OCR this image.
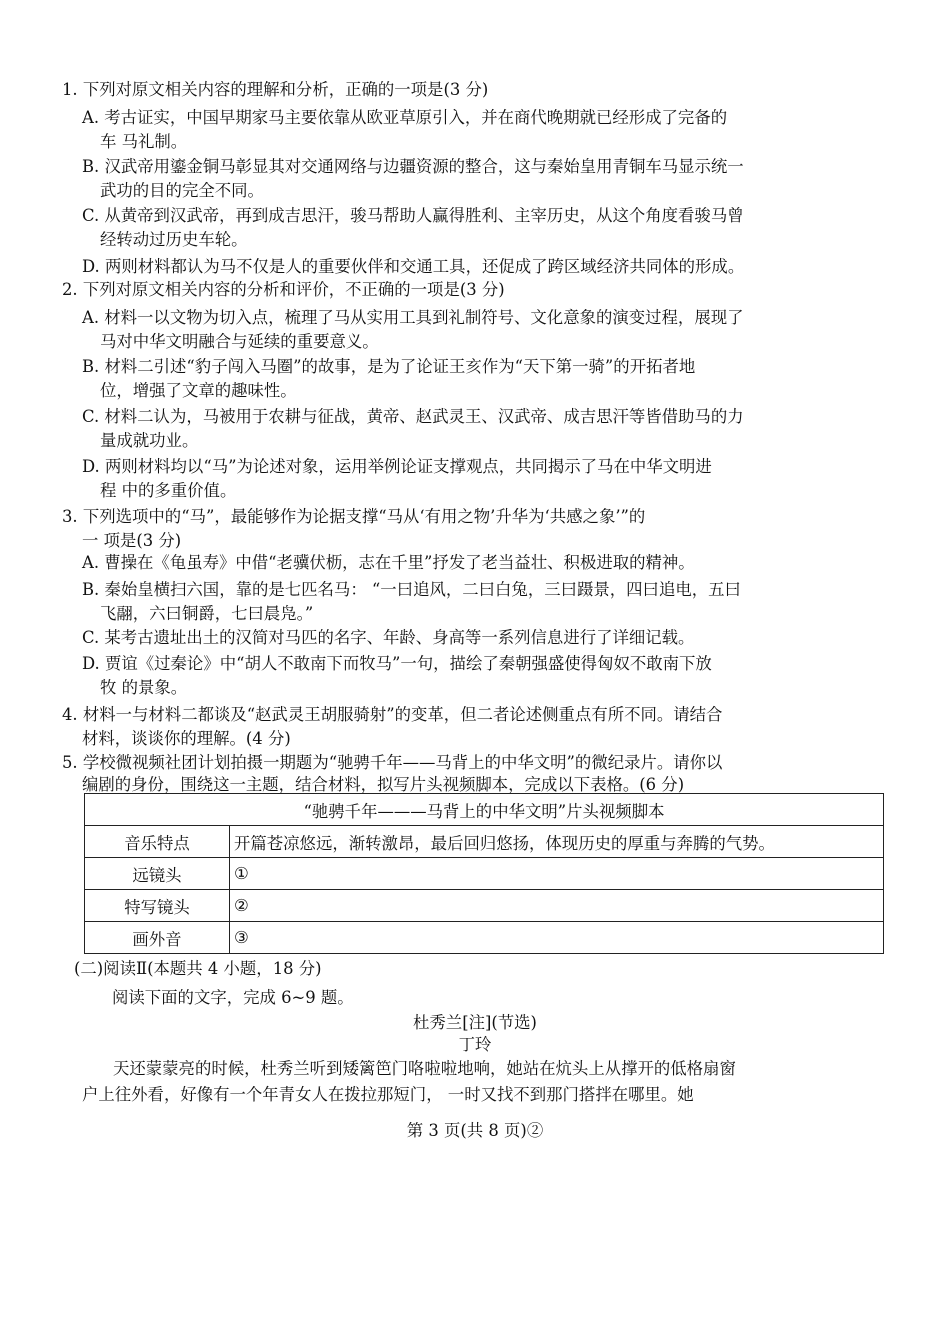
1. 下列对原文相关内容的理解和分析，正确的一项是(3 分)
A. 考古证实，中国早期家马主要依靠从欧亚草原引入，并在商代晚期就已经形成了完备的
车 马礼制。
B. 汉武帝用鎏金铜马彰显其对交通网络与边疆资源的整合，这与秦始皇用青铜车马显示统一
武功的目的完全不同。
C. 从黄帝到汉武帝，再到成吉思汗，骏马帮助人赢得胜利、主宰历史，从这个角度看骏马曾
经转动过历史车轮。
D. 两则材料都认为马不仅是人的重要伙伴和交通工具，还促成了跨区域经济共同体的形成。
2. 下列对原文相关内容的分析和评价，不正确的一项是(3 分)
A. 材料一以文物为切入点，梳理了马从实用工具到礼制符号、文化意象的演变过程，展现了
马对中华文明融合与延续的重要意义。
B. 材料二引述“豹子闯入马圈”的故事，是为了论证王亥作为“天下第一骑”的开拓者地
位，增强了文章的趣味性。
C. 材料二认为，马被用于农耕与征战，黄帝、赵武灵王、汉武帝、成吉思汗等皆借助马的力
量成就功业。
D. 两则材料均以“马”为论述对象，运用举例论证支撑观点，共同揭示了马在中华文明进
程 中的多重价值。
3. 下列选项中的“马”，最能够作为论据支撑“马从‘有用之物’升华为‘共感之象’”的
一 项是(3 分)
A. 曹操在《龟虽寿》中借“老骥伏枥，志在千里”抒发了老当益壮、积极进取的精神。
B. 秦始皇横扫六国，靠的是七匹名马： “一曰追风，二曰白兔，三曰蹑景，四曰追电，五曰
飞翮，六曰铜爵，七曰晨凫。”
C. 某考古遗址出土的汉简对马匹的名字、年龄、身高等一系列信息进行了详细记载。
D. 贾谊《过秦论》中“胡人不敢南下而牧马”一句，描绘了秦朝强盛使得匈奴不敢南下放
牧 的景象。
4. 材料一与材料二都谈及“赵武灵王胡服骑射”的变革，但二者论述侧重点有所不同。请结合
材料，谈谈你的理解。(4 分)
5. 学校微视频社团计划拍摄一期题为“驰骋千年——马背上的中华文明”的微纪录片。请你以
编剧的身份，围绕这一主题，结合材料，拟写片头视频脚本，完成以下表格。(6 分)
“驰骋千年———马背上的中华文明”片头视频脚本	
音乐特点	开篇苍凉悠远，渐转激昂，最后回归悠扬，体现历史的厚重与奔腾的气势。
远镜头	①
特写镜头	②
画外音	③
(二)阅读Ⅱ(本题共 4 小题，18 分)
阅读下面的文字，完成 6~9 题。
杜秀兰[注](节选)
丁玲
天还蒙蒙亮的时候，杜秀兰听到矮篱笆门咯啦啦地响，她站在炕头上从撑开的低格扇窗
户上往外看，好像有一个年青女人在拨拉那短门， 一时又找不到那门搭拌在哪里。她
第 3 页(共 8 页)②
